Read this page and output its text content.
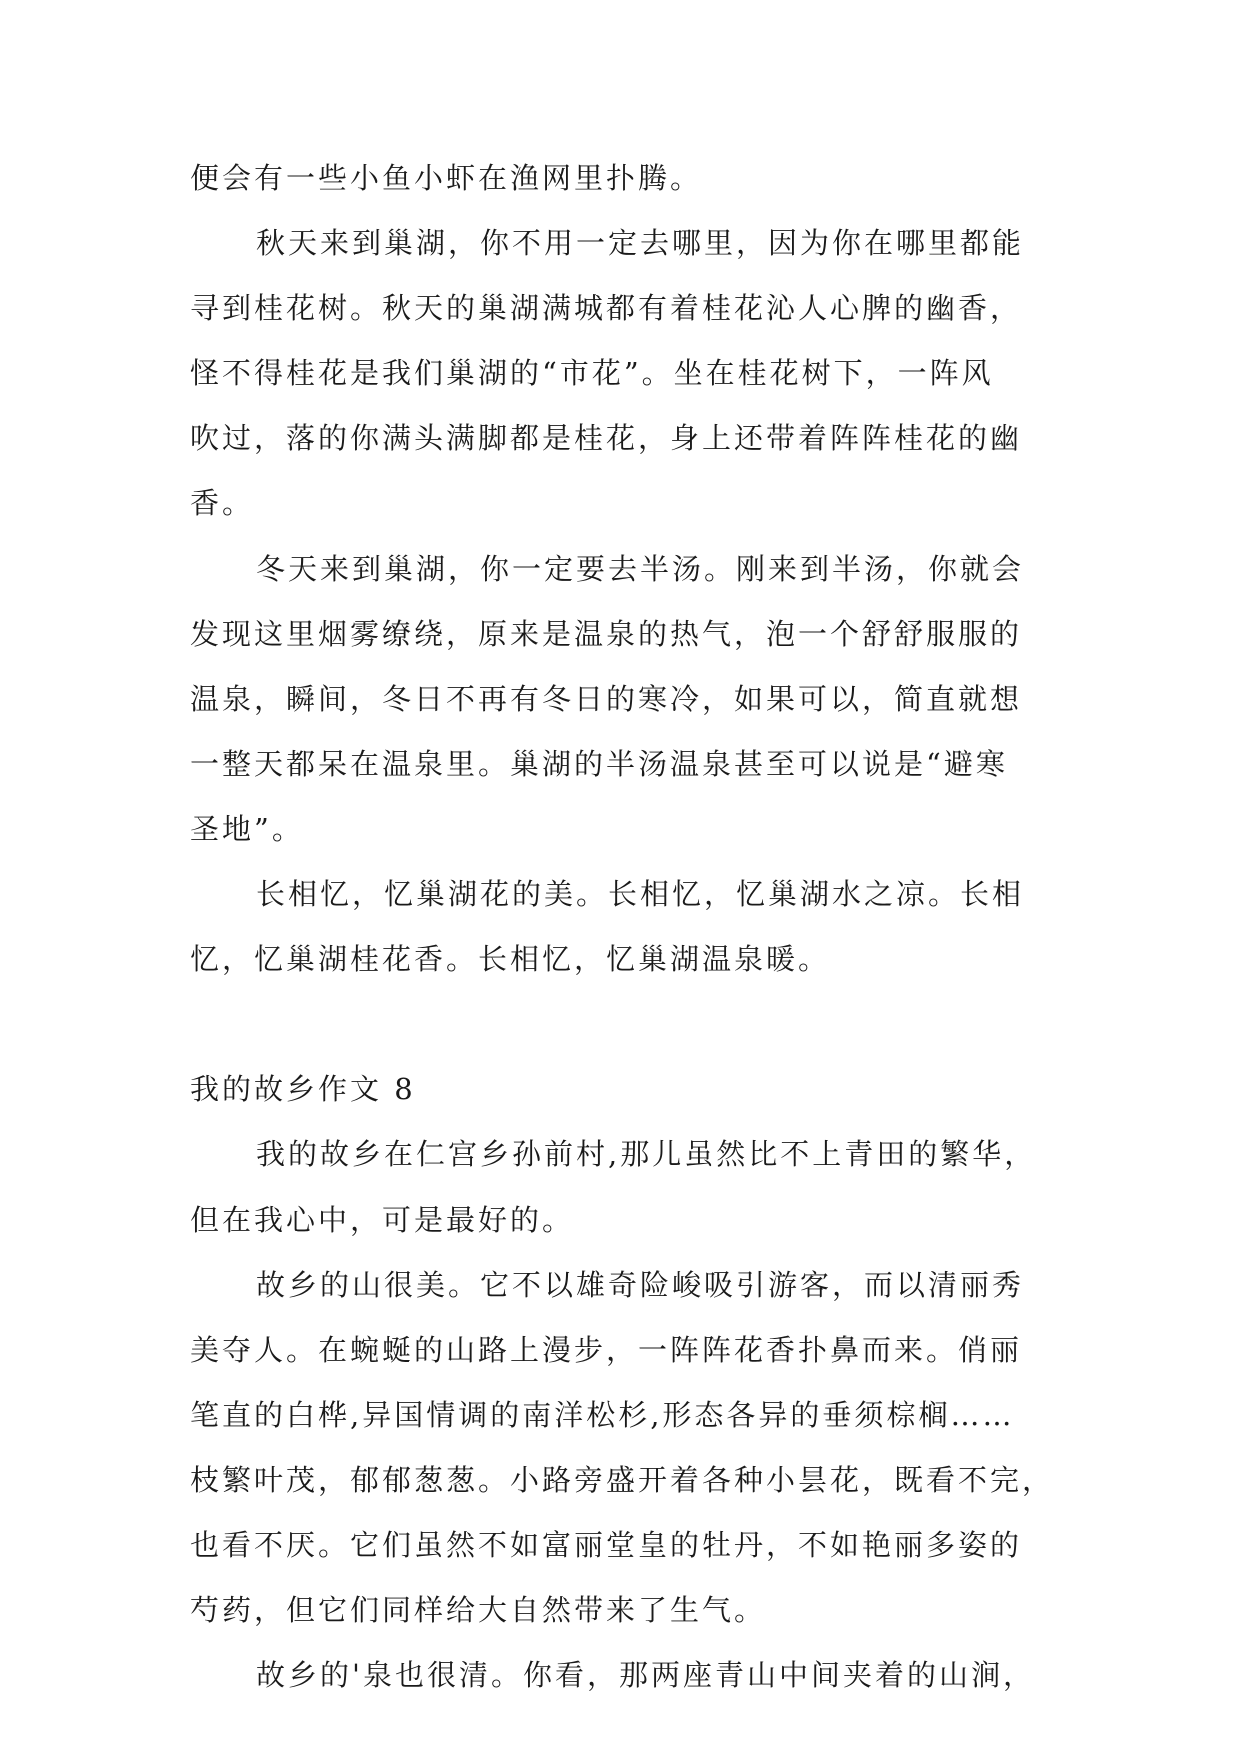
便会有一些小鱼小虾在渔网里扑腾。
秋天来到巢湖，你不用一定去哪里，因为你在哪里都能
寻到桂花树。秋天的巢湖满城都有着桂花沁人心脾的幽香，
怪不得桂花是我们巢湖的“市花”。坐在桂花树下，一阵风
吹过，落的你满头满脚都是桂花，身上还带着阵阵桂花的幽
香。
冬天来到巢湖，你一定要去半汤。刚来到半汤，你就会
发现这里烟雾缭绕，原来是温泉的热气，泡一个舒舒服服的
温泉，瞬间，冬日不再有冬日的寒冷，如果可以，简直就想
一整天都呆在温泉里。巢湖的半汤温泉甚至可以说是“避寒
圣地”。
长相忆，忆巢湖花的美。长相忆，忆巢湖水之凉。长相
忆，忆巢湖桂花香。长相忆，忆巢湖温泉暖。
我的故乡作文 8
我的故乡在仁宫乡孙前村,那儿虽然比不上青田的繁华，
但在我心中，可是最好的。
故乡的山很美。它不以雄奇险峻吸引游客，而以清丽秀
美夺人。在蜿蜒的山路上漫步，一阵阵花香扑鼻而来。俏丽
笔直的白桦,异国情调的南洋松杉,形态各异的垂须棕榈……
枝繁叶茂，郁郁葱葱。小路旁盛开着各种小昙花，既看不完，
也看不厌。它们虽然不如富丽堂皇的牡丹，不如艳丽多姿的
芍药，但它们同样给大自然带来了生气。
故乡的'泉也很清。你看，那两座青山中间夹着的山涧，
